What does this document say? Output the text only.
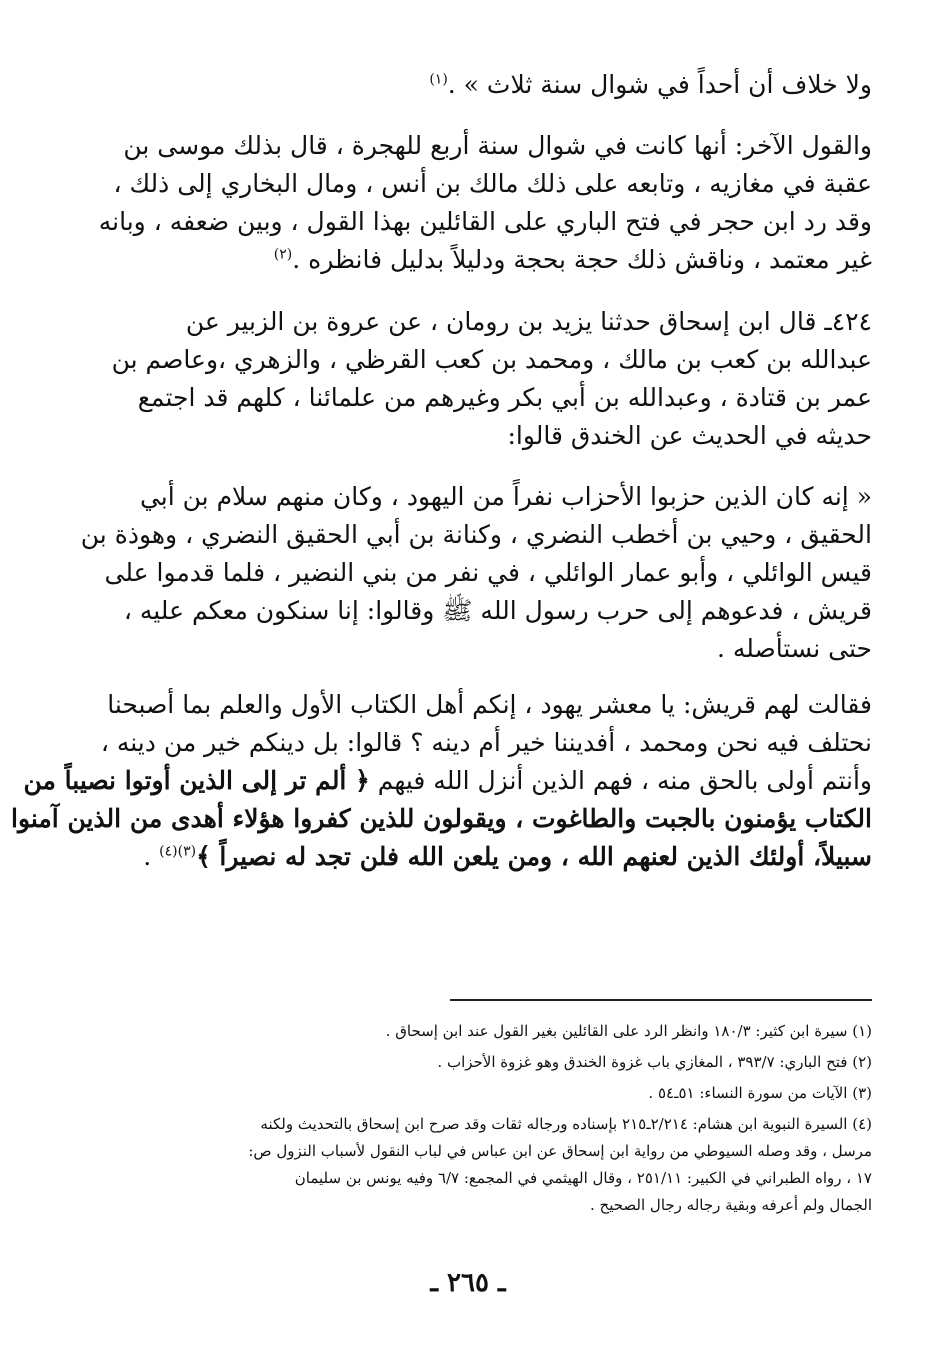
ولا خلاف أن أحداً في شوال سنة ثلاث » .$^{(١)}$
والقول الآخر: أنها كانت في شوال سنة أربع للهجرة ، قال بذلك موسى بن
عقبة في مغازيه ، وتابعه على ذلك مالك بن أنس ، ومال البخاري إلى ذلك ،
وقد رد ابن حجر في فتح الباري على القائلين بهذا القول ، وبين ضعفه ، وبانه
غير معتمد ، وناقش ذلك حجة بحجة ودليلاً بدليل فانظره .$^{(٢)}$
٤٢٤ـ قال ابن إسحاق حدثنا يزيد بن رومان ، عن عروة بن الزبير عن
عبدالله بن كعب بن مالك ، ومحمد بن كعب القرظي ، والزهري ،وعاصم بن
عمر بن قتادة ، وعبدالله بن أبي بكر وغيرهم من علمائنا ، كلهم قد اجتمع
حديثه في الحديث عن الخندق قالوا:
« إنه كان الذين حزبوا الأحزاب نفراً من اليهود ، وكان منهم سلام بن أبي
الحقيق ، وحيي بن أخطب النضري ، وكنانة بن أبي الحقيق النضري ، وهوذة بن
قيس الوائلي ، وأبو عمار الوائلي ، في نفر من بني النضير ، فلما قدموا على
قريش ، فدعوهم إلى حرب رسول الله ﷺ وقالوا: إنا سنكون معكم عليه ،
حتى نستأصله .
فقالت لهم قريش: يا معشر يهود ، إنكم أهل الكتاب الأول والعلم بما أصبحنا
نحتلف فيه نحن ومحمد ، أفديننا خير أم دينه ؟ قالوا: بل دينكم خير من دينه ،
وأنتم أولى بالحق منه ، فهم الذين أنزل الله فيهم ﴿ ألم تر إلى الذين أوتوا نصيباً من
الكتاب يؤمنون بالجبت والطاغوت ، ويقولون للذين كفروا هؤلاء أهدى من الذين آمنوا
سبيلاً، أولئك الذين لعنهم الله ، ومن يلعن الله فلن تجد له نصيراً ﴾$^{(٣)(٤)}$ .
(١) سيرة ابن كثير: ١٨٠/٣ وانظر الرد على القائلين بغير القول عند ابن إسحاق .
(٢) فتح الباري: ٣٩٣/٧ ، المغازي باب غزوة الخندق وهو غزوة الأحزاب .
(٣) الآيات من سورة النساء: ٥١ـ٥٤ .
(٤) السيرة النبوية ابن هشام: ٢/٢١٤ـ٢١٥ بإسناده ورجاله ثقات وقد صرح ابن إسحاق بالتحديث ولكنه
مرسل ، وقد وصله السيوطي من رواية ابن إسحاق عن ابن عباس في لباب النقول لأسباب النزول ص:
١٧ ، رواه الطبراني في الكبير: ٢٥١/١١ ، وقال الهيثمي في المجمع: ٦/٧ وفيه يونس بن سليمان
الجمال ولم أعرفه وبقية رجاله رجال الصحيح .
ـ ٢٦٥ ـ
